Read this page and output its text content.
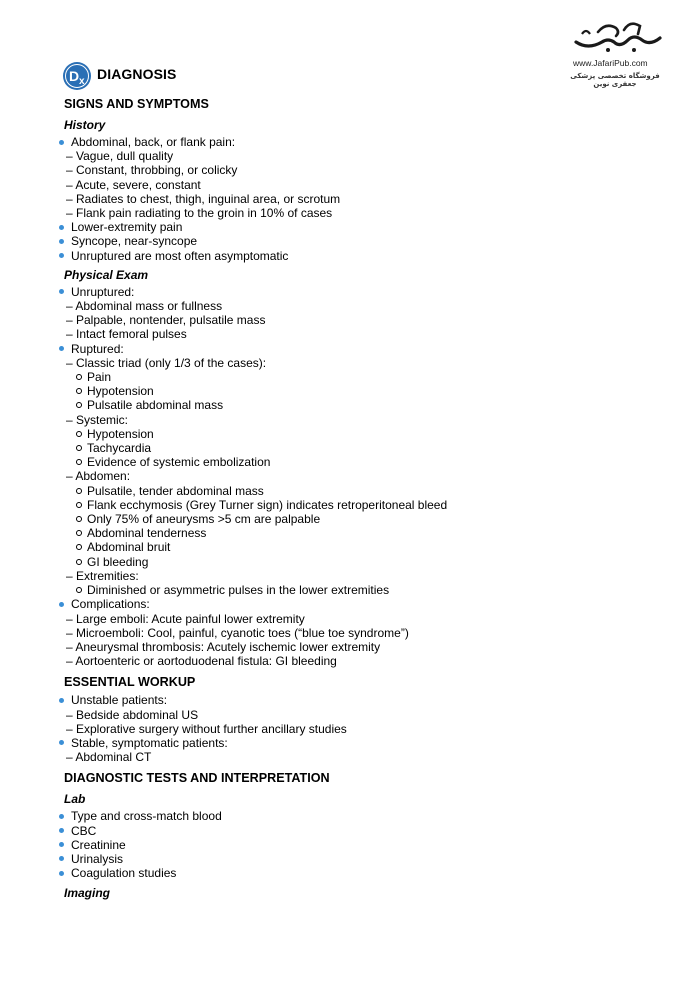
www.JafariPub.com
فروشگاه تخصصی پزشکی جعفری نوین
D x DIAGNOSIS
SIGNS AND SYMPTOMS
History
Abdominal, back, or flank pain:
– Vague, dull quality
– Constant, throbbing, or colicky
– Acute, severe, constant
– Radiates to chest, thigh, inguinal area, or scrotum
– Flank pain radiating to the groin in 10% of cases
Lower-extremity pain
Syncope, near-syncope
Unruptured are most often asymptomatic
Physical Exam
Unruptured:
– Abdominal mass or fullness
– Palpable, nontender, pulsatile mass
– Intact femoral pulses
Ruptured:
– Classic triad (only 1/3 of the cases):
Pain
Hypotension
Pulsatile abdominal mass
– Systemic:
Hypotension
Tachycardia
Evidence of systemic embolization
– Abdomen:
Pulsatile, tender abdominal mass
Flank ecchymosis (Grey Turner sign) indicates retroperitoneal bleed
Only 75% of aneurysms >5 cm are palpable
Abdominal tenderness
Abdominal bruit
GI bleeding
– Extremities:
Diminished or asymmetric pulses in the lower extremities
Complications:
– Large emboli: Acute painful lower extremity
– Microemboli: Cool, painful, cyanotic toes (“blue toe syndrome”)
– Aneurysmal thrombosis: Acutely ischemic lower extremity
– Aortoenteric or aortoduodenal fistula: GI bleeding
ESSENTIAL WORKUP
Unstable patients:
– Bedside abdominal US
– Explorative surgery without further ancillary studies
Stable, symptomatic patients:
– Abdominal CT
DIAGNOSTIC TESTS AND INTERPRETATION
Lab
Type and cross-match blood
CBC
Creatinine
Urinalysis
Coagulation studies
Imaging
